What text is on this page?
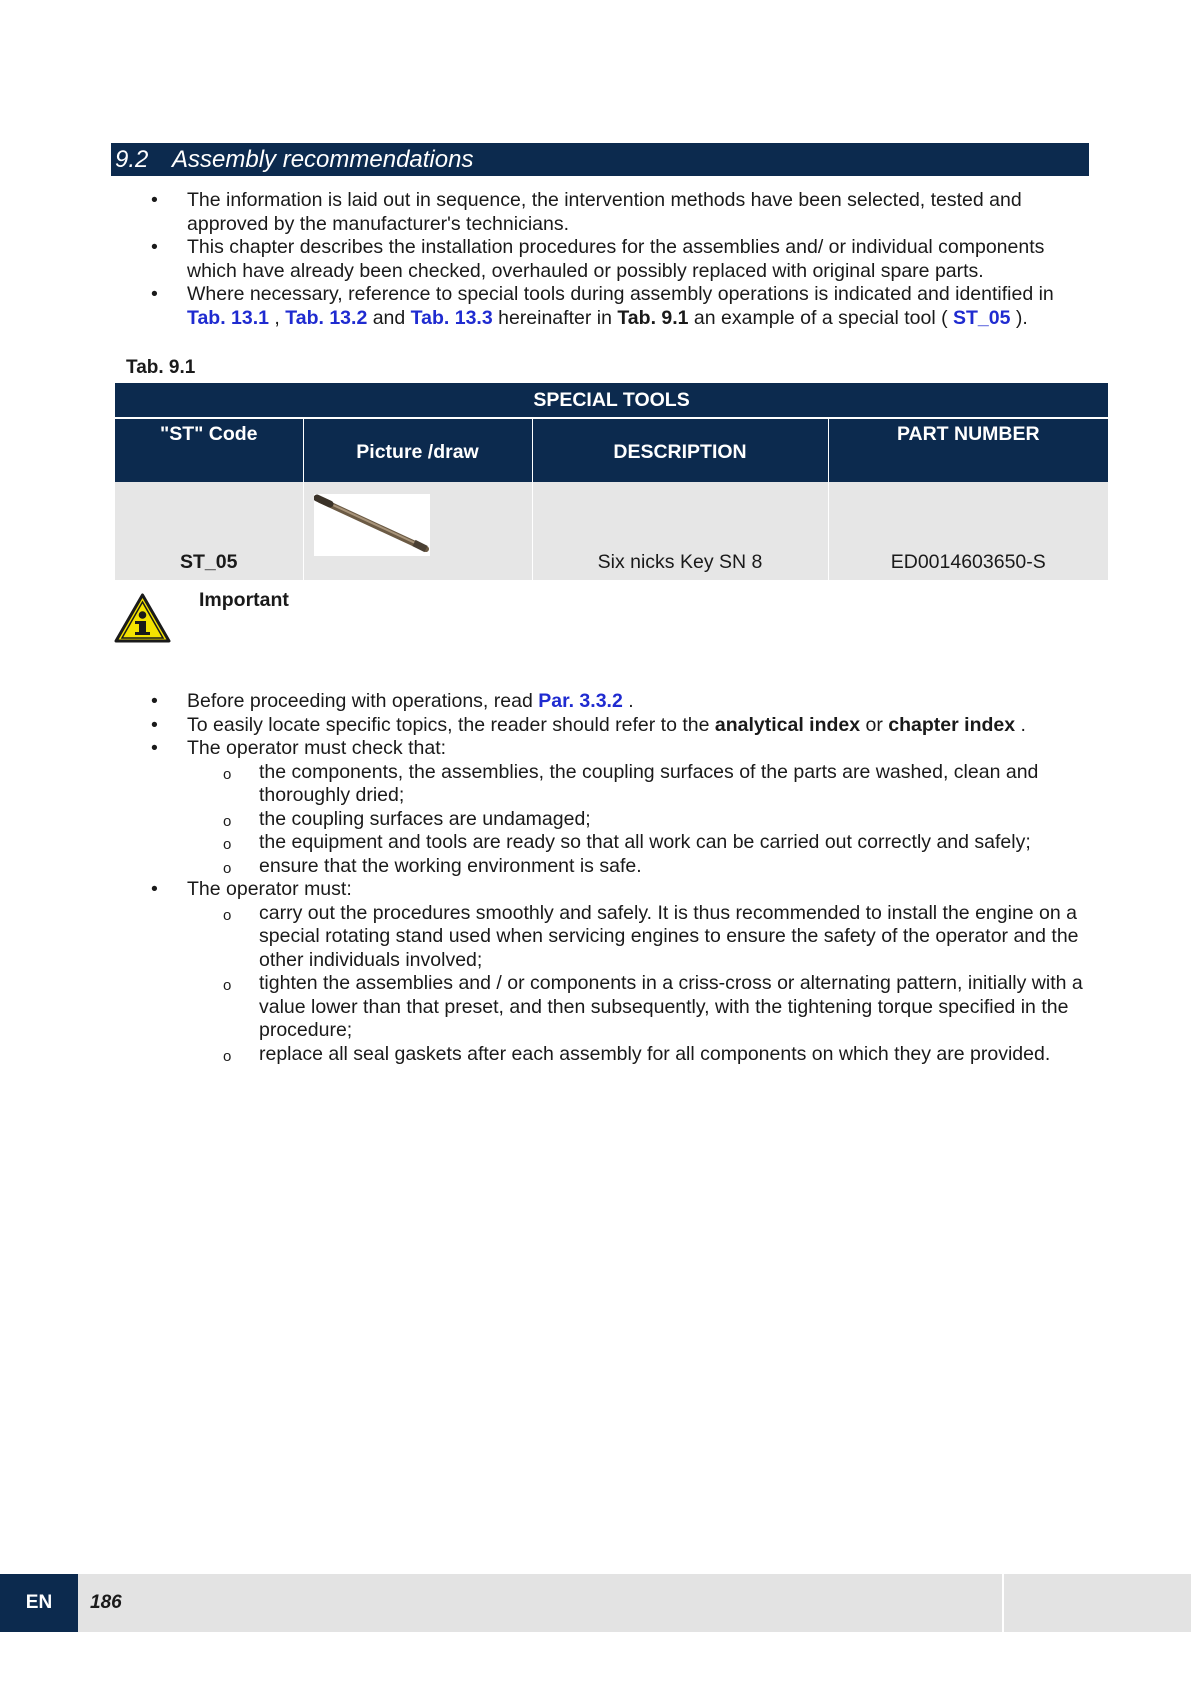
9.2 Assembly recommendations
• The information is laid out in sequence, the intervention methods have been selected, tested and approved by the manufacturer's technicians.
• This chapter describes the installation procedures for the assemblies and/ or individual components which have already been checked, overhauled or possibly replaced with original spare parts.
• Where necessary, reference to special tools during assembly operations is indicated and identified in Tab. 13.1 , Tab. 13.2 and Tab. 13.3 hereinafter in Tab. 9.1 an example of a special tool ( ST_05 ).
Tab. 9.1
SPECIAL TOOLS			
"ST" Code	Picture /draw	DESCRIPTION	PART NUMBER
ST_05		Six nicks Key SN 8	ED0014603650-S
Important
• Before proceeding with operations, read Par. 3.3.2 .
• To easily locate specific topics, the reader should refer to the analytical index or chapter index .
• The operator must check that:
o the components, the assemblies, the coupling surfaces of the parts are washed, clean and thoroughly dried;
o the coupling surfaces are undamaged;
o the equipment and tools are ready so that all work can be carried out correctly and safely;
o ensure that the working environment is safe.
• The operator must:
o carry out the procedures smoothly and safely. It is thus recommended to install the engine on a special rotating stand used when servicing engines to ensure the safety of the operator and the other individuals involved;
o tighten the assemblies and / or components in a criss-cross or alternating pattern, initially with a value lower than that preset, and then subsequently, with the tightening torque specified in the procedure;
o replace all seal gaskets after each assembly for all components on which they are provided.
EN	186
